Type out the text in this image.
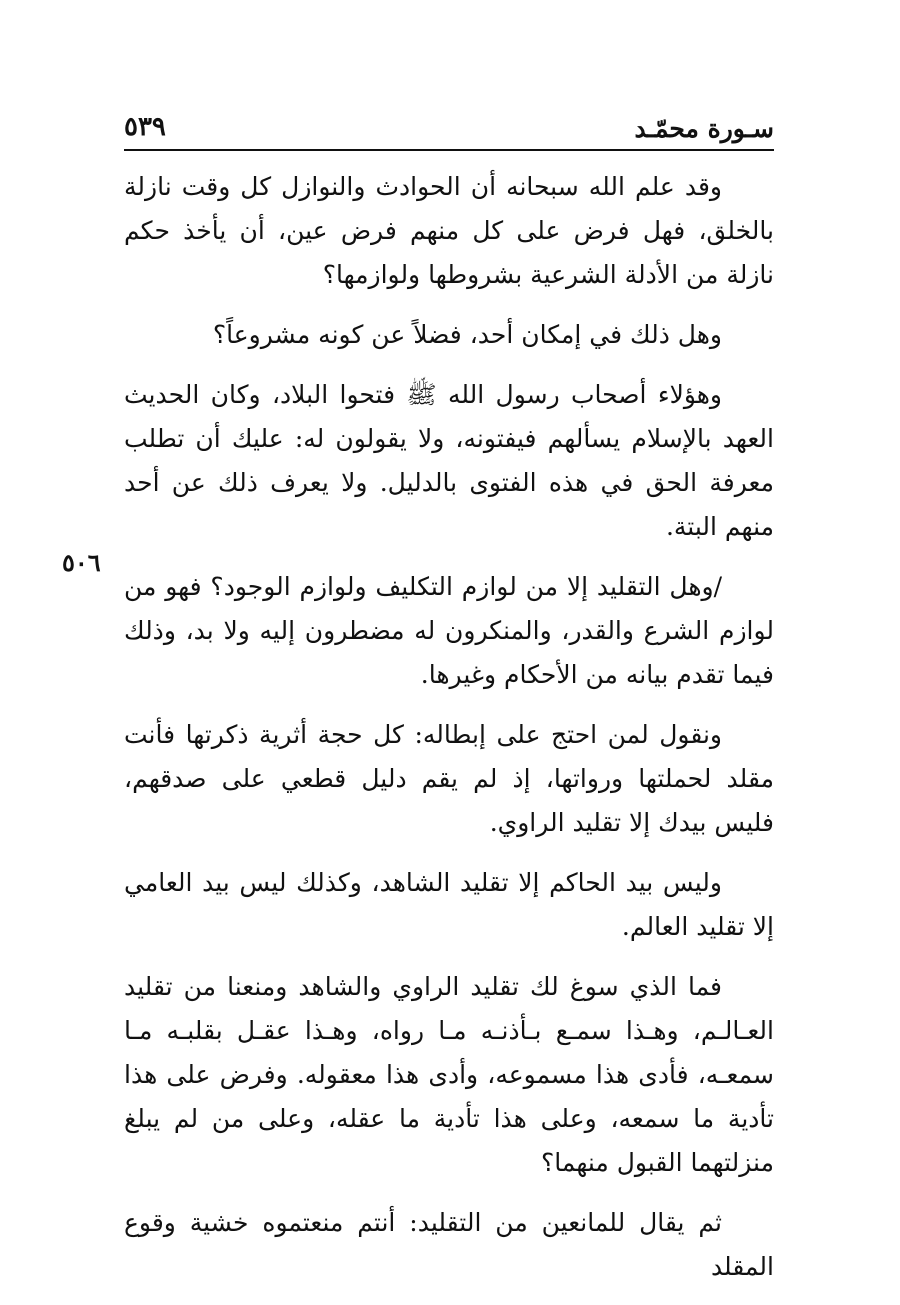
سـورة محمّـد
٥٣٩
٥٠٦

وقد علم الله سبحانه أن الحوادث والنوازل كل وقت نازلة بالخلق، فهل فرض على كل منهم فرض عين، أن يأخذ حكم نازلة من الأدلة الشرعية بشروطها ولوازمها؟

وهل ذلك في إمكان أحد، فضلاً عن كونه مشروعاً؟

وهؤلاء أصحاب رسول الله ﷺ فتحوا البلاد، وكان الحديث العهد بالإسلام يسألهم فيفتونه، ولا يقولون له: عليك أن تطلب معرفة الحق في هذه الفتوى بالدليل. ولا يعرف ذلك عن أحد منهم البتة.

/وهل التقليد إلا من لوازم التكليف ولوازم الوجود؟ فهو من لوازم الشرع والقدر، والمنكرون له مضطرون إليه ولا بد، وذلك فيما تقدم بيانه من الأحكام وغيرها.

ونقول لمن احتج على إبطاله: كل حجة أثرية ذكرتها فأنت مقلد لحملتها ورواتها، إذ لم يقم دليل قطعي على صدقهم، فليس بيدك إلا تقليد الراوي.

وليس بيد الحاكم إلا تقليد الشاهد، وكذلك ليس بيد العامي إلا تقليد العالم.

فما الذي سوغ لك تقليد الراوي والشاهد ومنعنا من تقليد العـالـم، وهـذا سمـع بـأذنـه مـا رواه، وهـذا عقـل بقلبـه مـا سمعـه، فأدى هذا مسموعه، وأدى هذا معقوله. وفرض على هذا تأدية ما سمعه، وعلى هذا تأدية ما عقله، وعلى من لم يبلغ منزلتهما القبول منهما؟

ثم يقال للمانعين من التقليد: أنتم منعتموه خشية وقوع المقلد
